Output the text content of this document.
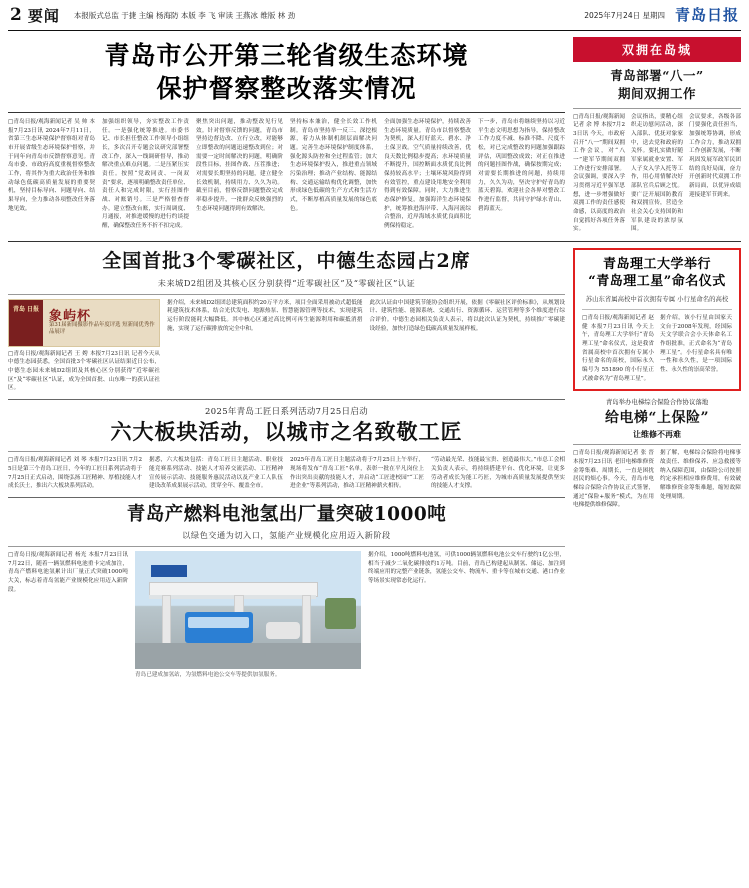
2 要闻 本报版式总监 于捷 主编 杨海防 本版 李 飞 审读 王燕冰 维版 林 劲	2025年7月24日 星期四 青岛日报
青岛市公开第三轮省级生态环境
保护督察整改落实情况
□青岛日报/观海新闻记者 吴 帅 本报7月23日讯 2024年7月11日，省第三生态环境保护督察组对青岛市开展省级生态环境保护督察，并于同年向青岛市反馈督察意见。青岛市委、市政府高度重视督察整改工作，将其作为重大政治任务和推动绿色低碳高质量发展的重要契机，坚持目标导向、问题导向、结果导向，全力推动各项整改任务落地见效。
加强组织领导，夯实整改工作责任。一是强化统筹推进。市委书记、市长担任整改工作领导小组组长，多次召开专题会议研究部署整改工作，深入一线调研督导，推动解决重点难点问题。二是压紧压实责任。按照“党政同责、一岗双责”要求，逐项明确整改责任单位、责任人和完成时限，实行挂图作战、对账销号。三是严格督查督办。建立整改台账，实行周调度、月通报，对推进缓慢的进行约谈提醒，确保整改任务不折不扣完成。
聚焦突出问题，推动整改见行见效。针对督察反馈的问题，青岛市坚持边督边改、立行立改，对能够立即整改的问题迅速整改到位；对需要一定时间解决的问题，明确阶段性目标，挂图作战、压茬推进；对需要长期坚持的问题，建立健全长效机制，持续用力、久久为功。截至目前，督察反馈问题整改完成率稳步提升，一批群众反映强烈的生态环境问题得到有效解决。
坚持标本兼治，健全长效工作机制。青岛市坚持举一反三、深挖根源，着力从体制机制层面解决问题。完善生态环境保护制度体系，强化源头防控和全过程监管；加大生态环境保护投入，推进重点领域污染治理；推动产业结构、能源结构、交通运输结构优化调整，加快形成绿色低碳的生产方式和生活方式，不断厚植高质量发展的绿色底色。
全面加强生态环境保护，持续改善生态环境质量。青岛市以督察整改为契机，深入打好蓝天、碧水、净土保卫战。空气质量持续改善，优良天数比例稳步提高；水环境质量不断提升，国控断面水质优良比例保持较高水平；土壤环境风险得到有效管控，重点建设用地安全利用得到有效保障。同时，大力推进生态保护修复，加强海洋生态环境保护，统筹推进海岸带、入海河流综合整治，近岸海域水质优良面积比例保持稳定。
下一步，青岛市将继续坚持以习近平生态文明思想为指导，保持整改工作力度不减、标准不降、尺度不松，对已完成整改的问题加强跟踪评估，巩固整改成效；对正在推进的问题挂图作战，确保按期完成；对需要长期推进的问题，持续用力，久久为功，坚决守护好青岛的蓝天碧海。欢迎社会各界对整改工作进行监督，共同守护绿水青山、碧海蓝天。
双拥在岛城
青岛部署“八一”
期间双拥工作
□青岛日报/观海新闻记者 余 博 本报7月23日讯 今天，市政府召开“八一”期间双拥工作会议，对“八一”建军节期间双拥工作进行安排部署。会议强调，要深入学习贯彻习近平强军思想，进一步增强做好双拥工作的责任感使命感，以高度的政治自觉抓好各项任务落实。
会议指出，要精心组织走访慰问活动，深入部队、优抚对象家中，送去党和政府的关怀。要扎实做好随军家属就业安置、军人子女入学入托等工作，用心用情解决好部队官兵后顾之忧。要广泛开展国防教育和双拥宣传，营造全社会关心支持国防和军队建设的浓厚氛围。
会议要求，各级各部门要强化责任担当，加强统筹协调，形成工作合力，推动双拥工作创新发展，不断巩固发展军政军民团结的良好局面，奋力开创新时代双拥工作新局面，以优异成绩迎接建军节到来。
全国首批3个零碳社区，中德生态园占2席
未来城D2组团及其核心区分别获得“近零碳社区”及“零碳社区”认证
青岛 日报 象屿杯
第31届新闻摄影作品年度评选 短新闻优秀作品展评
□青岛日报/观海新闻记者 王 娉 本报7月23日讯 记者今天从中德生态园获悉，全国首批3个零碳社区认证结果近日公布，中德生态园未来城D2组团及其核心区分别获得“近零碳社区”及“零碳社区”认证，成为全国首批、山东唯一的获认证社区。
据介绍，未来城D2组团总建筑面积约20万平方米，项目全面采用被动式超低能耗建筑技术体系，结合光伏发电、地源热泵、智慧能源管理等技术，实现建筑运行阶段能耗大幅降低。其中核心区通过高比例可再生能源利用和碳抵消措施，实现了运行碳排放的完全中和。
此次认证由中国建筑节能协会组织开展，依据《零碳社区评价标准》，从规划设计、建筑性能、能源系统、交通出行、资源循环、运营管理等多个维度进行综合评价。中德生态园相关负责人表示，将以此次认证为契机，持续推广零碳建设经验，加快打造绿色低碳高质量发展样板。
2025年青岛工匠日系列活动7月25日启动
六大板块活动，以城市之名致敬工匠
□青岛日报/观海新闻记者 刘 琴 本报7月23日讯 7月25日是第三个青岛工匠日，今年的工匠日系列活动将于7月25日正式启动，围绕弘扬工匠精神、厚植技能人才成长沃土，推出六大板块系列活动。
据悉，六大板块包括：青岛工匠日主题活动、职业技能竞赛系列活动、技能人才培养交流活动、工匠精神宣传展示活动、技能服务惠民活动以及产业工人队伍建设改革成果展示活动，贯穿全年、覆盖全市。
2025年青岛工匠日主题活动将于7月25日上午举行，现场将发布“青岛工匠”名单，表彰一批在平凡岗位上作出突出贡献的技能人才，并启动“工匠进校园”“工匠进企业”等系列活动，推动工匠精神薪火相传。
“劳动最光荣、技能最宝贵、创造最伟大。”市总工会相关负责人表示，将持续搭建平台、优化环境，让更多劳动者成长为能工巧匠，为城市高质量发展提供坚实的技能人才支撑。
青岛产燃料电池氢出厂量突破1000吨
以绿色交通为切入口，氢能产业规模化应用迈入新阶段
□青岛日报/观海新闻记者 杨光 本报7月23日讯 7月22日，随着一辆氢燃料电池重卡完成加注，青岛产燃料电池氢累计出厂量正式突破1000吨大关，标志着青岛氢能产业规模化应用迈入新阶段。
青岛已建成加氢站，为氢燃料电池公交车等提供加氢服务。
据介绍，1000吨燃料电池氢，可供1000辆氢燃料电池公交车行驶约1亿公里，相当于减少二氧化碳排放约1万吨。目前，青岛已构建起从制氢、储运、加注到终端应用的完整产业链条，氢能公交车、物流车、重卡等在城市交通、港口作业等场景实现常态化运行。
青岛理工大学举行
“青岛理工星”命名仪式
苏山东省属高校中首次拥有专属 小行星命名的高校
□青岛日报/观海新闻记者 赵 健 本报7月23日讯 今天上午，青岛理工大学举行“青岛理工星”命名仪式，这是我省省属高校中首次拥有专属小行星命名的高校，国际永久编号为 551890 的小行星正式被命名为“青岛理工星”。
据介绍，该小行星由国家天文台于2008年发现，经国际天文学联合会小天体命名工作组批准，正式命名为“青岛理工星”。小行星命名具有唯一性和永久性，是一项国际性、永久性的崇高荣誉。
青岛举办电梯综合保险合作协议落地
给电梯“上保险”
让维修不再难
□青岛日报/观海新闻记者 张 晋 本报7月23日讯 老旧电梯维修资金筹集难、周期长，一直是困扰居民的烦心事。今天，青岛市电梯综合保险合作协议正式签署，通过“保险+服务”模式，为在用电梯提供维修保障。
据了解，电梯综合保险将电梯事故责任、维修保养、应急救援等纳入保障范围，由保险公司按照约定承担相应维修费用，有效破解维修资金筹集难题，缩短故障处理周期。
